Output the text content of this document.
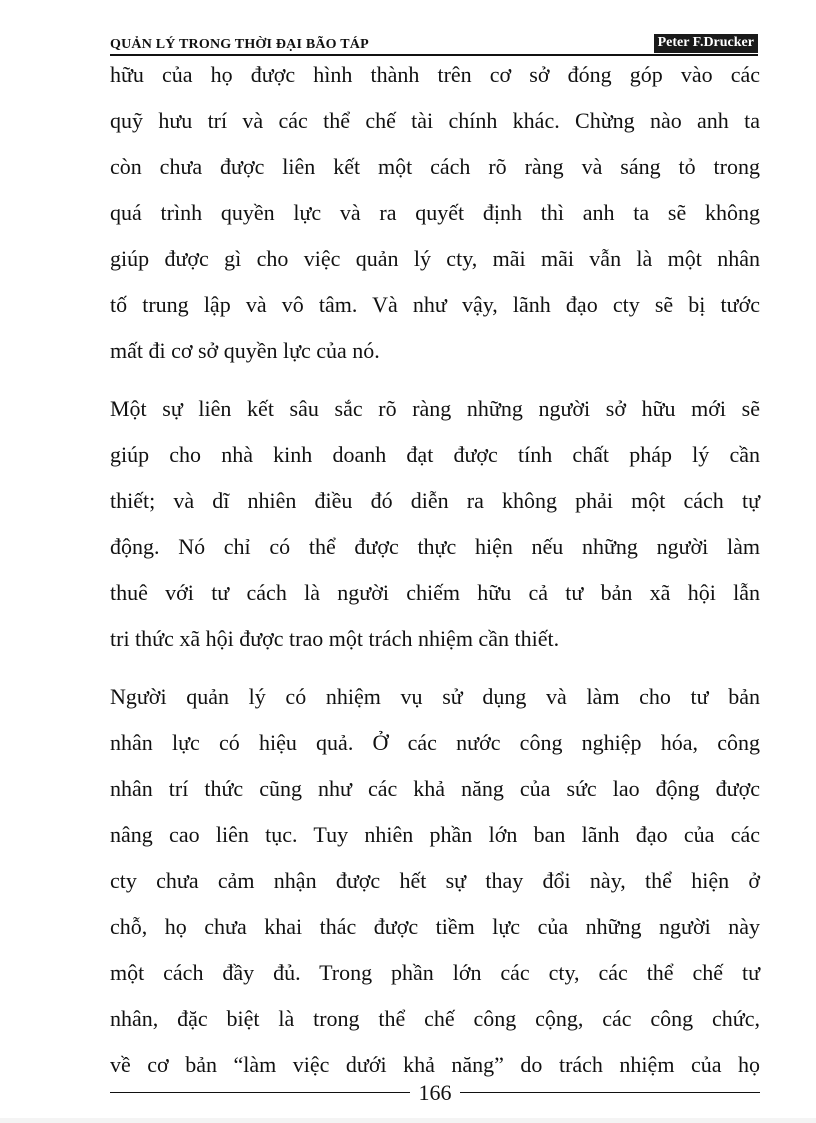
QUẢN LÝ TRONG THỜI ĐẠI BÃO TÁP	Peter F.Drucker
hữu của họ được hình thành trên cơ sở đóng góp vào các
quỹ hưu trí và các thể chế tài chính khác. Chừng nào anh ta
còn chưa được liên kết một cách rõ ràng và sáng tỏ trong
quá trình quyền lực và ra quyết định thì anh ta sẽ không
giúp được gì cho việc quản lý cty, mãi mãi vẫn là một nhân
tố trung lập và vô tâm. Và như vậy, lãnh đạo cty sẽ bị tước
mất đi cơ sở quyền lực của nó.
Một sự liên kết sâu sắc rõ ràng những người sở hữu mới sẽ
giúp cho nhà kinh doanh đạt được tính chất pháp lý cần
thiết; và dĩ nhiên điều đó diễn ra không phải một cách tự
động. Nó chỉ có thể được thực hiện nếu những người làm
thuê với tư cách là người chiếm hữu cả tư bản xã hội lẫn
tri thức xã hội được trao một trách nhiệm cần thiết.
Người quản lý có nhiệm vụ sử dụng và làm cho tư bản
nhân lực có hiệu quả. Ở các nước công nghiệp hóa, công
nhân trí thức cũng như các khả năng của sức lao động được
nâng cao liên tục. Tuy nhiên phần lớn ban lãnh đạo của các
cty chưa cảm nhận được hết sự thay đổi này, thể hiện ở
chỗ, họ chưa khai thác được tiềm lực của những người này
một cách đầy đủ. Trong phần lớn các cty, các thể chế tư
nhân, đặc biệt là trong thể chế công cộng, các công chức,
về cơ bản “làm việc dưới khả năng” do trách nhiệm của họ
166
